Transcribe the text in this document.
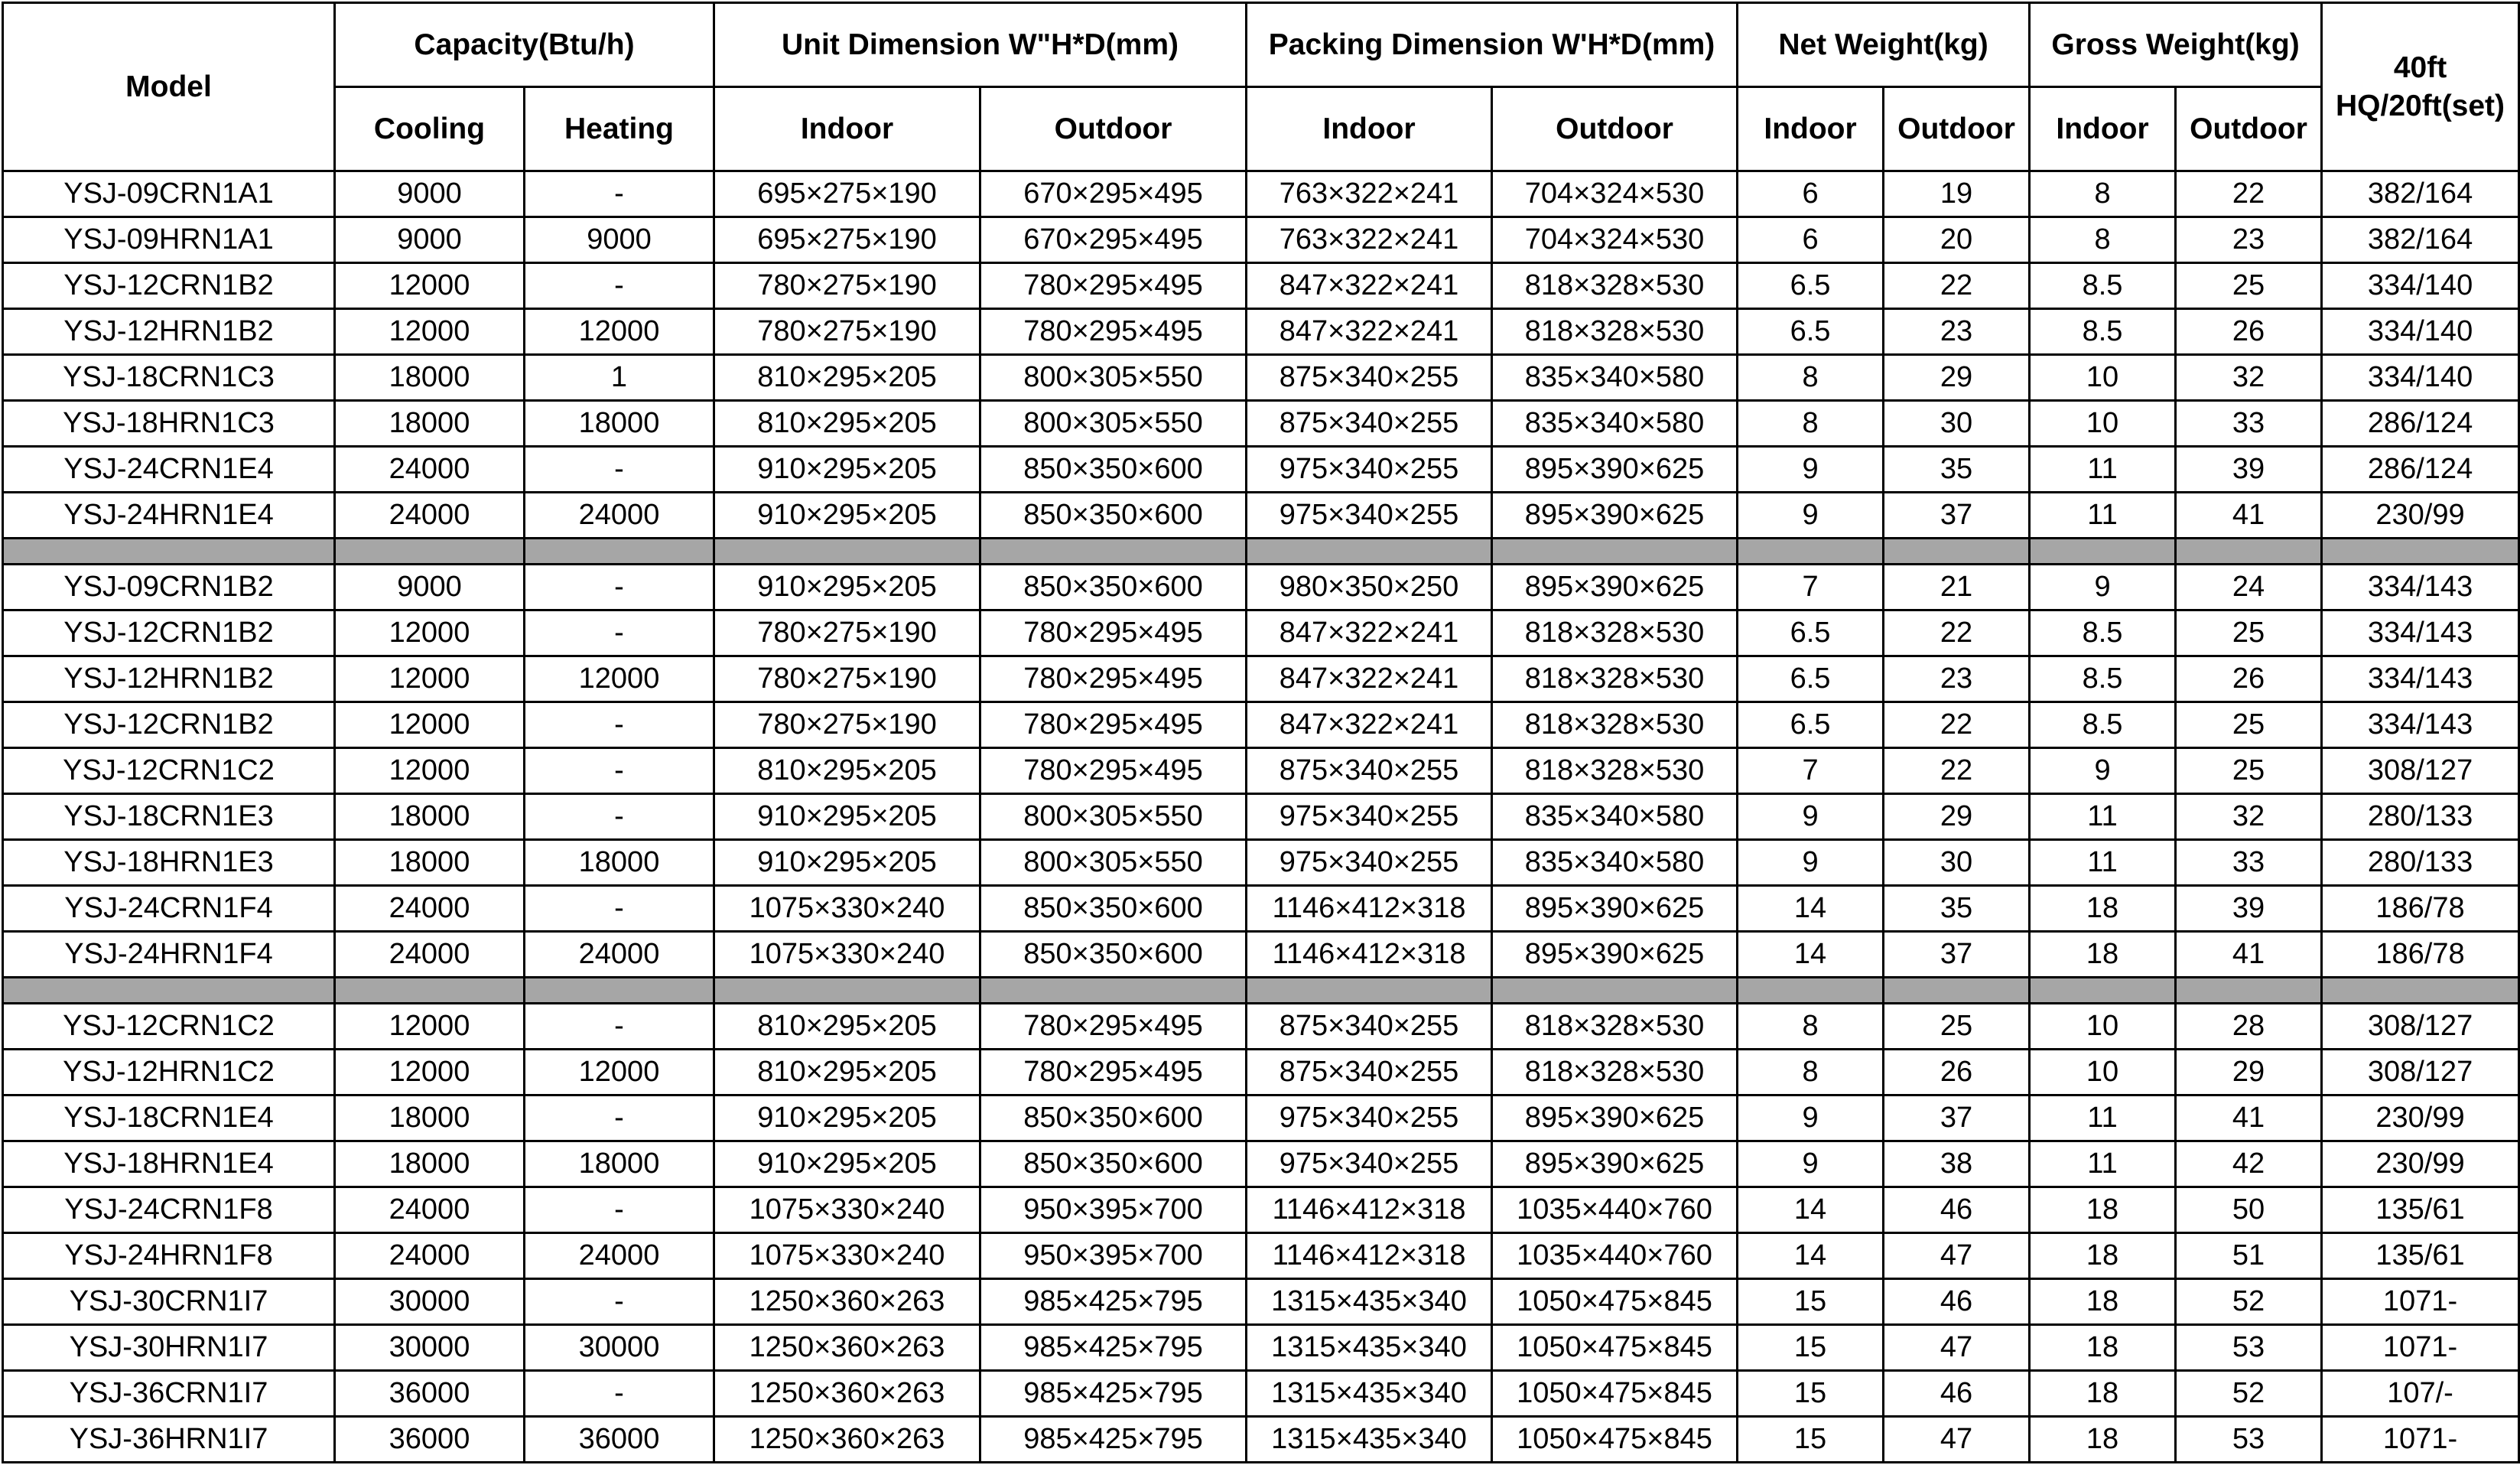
Model	Capacity(Btu/h)		Unit Dimension W"H*D(mm)		Packing Dimension W'H*D(mm)		Net Weight(kg)		Gross Weight(kg)		40ft
HQ/20ft(set)

	Cooling	Heating	Indoor	Outdoor	Indoor	Outdoor	Indoor	Outdoor	Indoor	Outdoor	
YSJ-09CRN1A1	9000	-	695×275×190	670×295×495	763×322×241	704×324×530	6	19	8	22	382/164
YSJ-09HRN1A1	9000	9000	695×275×190	670×295×495	763×322×241	704×324×530	6	20	8	23	382/164
YSJ-12CRN1B2	12000	-	780×275×190	780×295×495	847×322×241	818×328×530	6.5	22	8.5	25	334/140
YSJ-12HRN1B2	12000	12000	780×275×190	780×295×495	847×322×241	818×328×530	6.5	23	8.5	26	334/140
YSJ-18CRN1C3	18000	1	810×295×205	800×305×550	875×340×255	835×340×580	8	29	10	32	334/140
YSJ-18HRN1C3	18000	18000	810×295×205	800×305×550	875×340×255	835×340×580	8	30	10	33	286/124
YSJ-24CRN1E4	24000	-	910×295×205	850×350×600	975×340×255	895×390×625	9	35	11	39	286/124
YSJ-24HRN1E4	24000	24000	910×295×205	850×350×600	975×340×255	895×390×625	9	37	11	41	230/99

YSJ-09CRN1B2	9000	-	910×295×205	850×350×600	980×350×250	895×390×625	7	21	9	24	334/143
YSJ-12CRN1B2	12000	-	780×275×190	780×295×495	847×322×241	818×328×530	6.5	22	8.5	25	334/143
YSJ-12HRN1B2	12000	12000	780×275×190	780×295×495	847×322×241	818×328×530	6.5	23	8.5	26	334/143
YSJ-12CRN1B2	12000	-	780×275×190	780×295×495	847×322×241	818×328×530	6.5	22	8.5	25	334/143
YSJ-12CRN1C2	12000	-	810×295×205	780×295×495	875×340×255	818×328×530	7	22	9	25	308/127
YSJ-18CRN1E3	18000	-	910×295×205	800×305×550	975×340×255	835×340×580	9	29	11	32	280/133
YSJ-18HRN1E3	18000	18000	910×295×205	800×305×550	975×340×255	835×340×580	9	30	11	33	280/133
YSJ-24CRN1F4	24000	-	1075×330×240	850×350×600	1146×412×318	895×390×625	14	35	18	39	186/78
YSJ-24HRN1F4	24000	24000	1075×330×240	850×350×600	1146×412×318	895×390×625	14	37	18	41	186/78

YSJ-12CRN1C2	12000	-	810×295×205	780×295×495	875×340×255	818×328×530	8	25	10	28	308/127
YSJ-12HRN1C2	12000	12000	810×295×205	780×295×495	875×340×255	818×328×530	8	26	10	29	308/127
YSJ-18CRN1E4	18000	-	910×295×205	850×350×600	975×340×255	895×390×625	9	37	11	41	230/99
YSJ-18HRN1E4	18000	18000	910×295×205	850×350×600	975×340×255	895×390×625	9	38	11	42	230/99
YSJ-24CRN1F8	24000	-	1075×330×240	950×395×700	1146×412×318	1035×440×760	14	46	18	50	135/61
YSJ-24HRN1F8	24000	24000	1075×330×240	950×395×700	1146×412×318	1035×440×760	14	47	18	51	135/61
YSJ-30CRN1I7	30000	-	1250×360×263	985×425×795	1315×435×340	1050×475×845	15	46	18	52	1071-
YSJ-30HRN1I7	30000	30000	1250×360×263	985×425×795	1315×435×340	1050×475×845	15	47	18	53	1071-
YSJ-36CRN1I7	36000	-	1250×360×263	985×425×795	1315×435×340	1050×475×845	15	46	18	52	107/-
YSJ-36HRN1I7	36000	36000	1250×360×263	985×425×795	1315×435×340	1050×475×845	15	47	18	53	1071-
